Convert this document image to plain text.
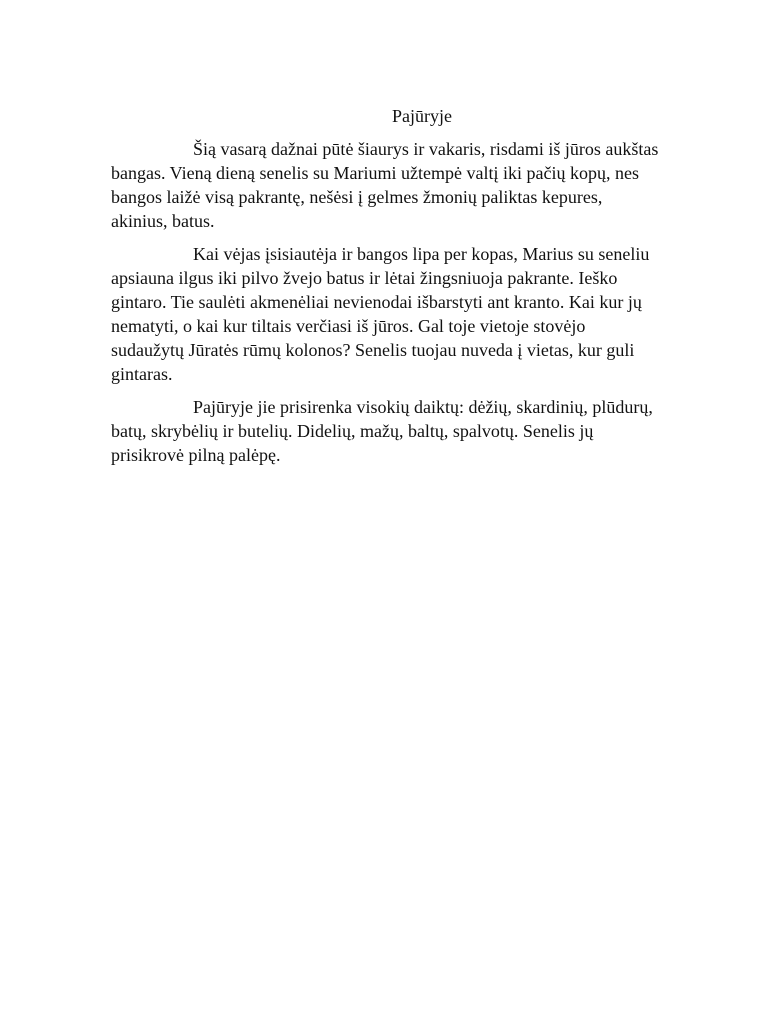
Pajūryje
Šią vasarą dažnai pūtė šiaurys ir vakaris, risdami iš jūros aukštas
bangas. Vieną dieną senelis su Mariumi užtempė valtį iki pačių kopų, nes
bangos laižė visą pakrantę, nešėsi į gelmes žmonių paliktas kepures,
akinius, batus.
Kai vėjas įsisiautėja ir bangos lipa per kopas, Marius su seneliu
apsiauna ilgus iki pilvo žvejo batus ir lėtai žingsniuoja pakrante. Ieško
gintaro. Tie saulėti akmenėliai nevienodai išbarstyti ant kranto. Kai kur jų
nematyti, o kai kur tiltais verčiasi iš jūros. Gal toje vietoje stovėjo
sudaužytų Jūratės rūmų kolonos? Senelis tuojau nuveda į vietas, kur guli
gintaras.
Pajūryje jie prisirenka visokių daiktų: dėžių, skardinių, plūdurų,
batų, skrybėlių ir butelių. Didelių, mažų, baltų, spalvotų. Senelis jų
prisikrovė pilną palėpę.
